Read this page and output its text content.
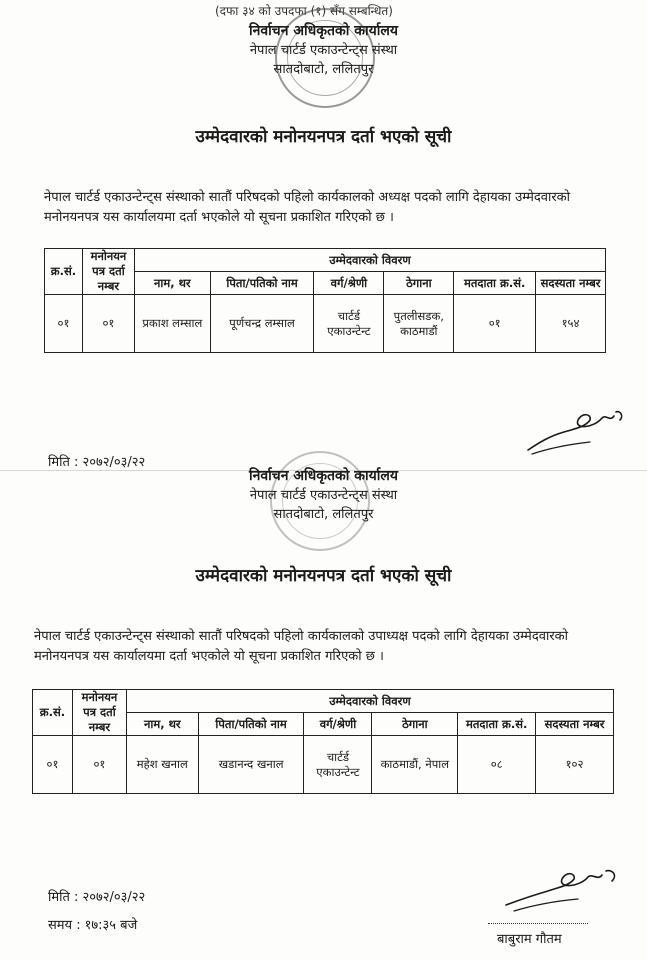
(दफा ३४ को उपदफा (१) सँग सम्बन्धित)
निर्वाचन अधिकृतको कार्यालय
नेपाल चार्टर्ड एकाउन्टेन्ट्स संस्था
सातदोबाटो, ललितपुर
उम्मेदवारको मनोनयनपत्र दर्ता भएको सूची
नेपाल चार्टर्ड एकाउन्टेन्ट्स संस्थाको सातौं परिषदको पहिलो कार्यकालको अध्यक्ष पदको लागि देहायका उम्मेदवारको मनोनयनपत्र यस कार्यालयमा दर्ता भएकोले यो सूचना प्रकाशित गरिएको छ ।
क्र.सं.	मनोनयन पत्र दर्ता नम्बर	उम्मेदवारको विवरण					
		नाम, थर	पिता/पतिको नाम	वर्ग/श्रेणी	ठेगाना	मतदाता क्र.सं.	सदस्यता नम्बर
०१	०१	प्रकाश लम्साल	पूर्णचन्द्र लम्साल	चार्टर्ड एकाउन्टेन्ट	पुतलीसडक, काठमाडौं	०१	१५४
मिति : २०७२/०३/२२
निर्वाचन अधिकृतको कार्यालय
नेपाल चार्टर्ड एकाउन्टेन्ट्स संस्था
सातदोबाटो, ललितपुर
उम्मेदवारको मनोनयनपत्र दर्ता भएको सूची
नेपाल चार्टर्ड एकाउन्टेन्ट्स संस्थाको सातौं परिषदको पहिलो कार्यकालको उपाध्यक्ष पदको लागि देहायका उम्मेदवारको मनोनयनपत्र यस कार्यालयमा दर्ता भएकोले यो सूचना प्रकाशित गरिएको छ ।
क्र.सं.	मनोनयन पत्र दर्ता नम्बर	उम्मेदवारको विवरण					
		नाम, थर	पिता/पतिको नाम	वर्ग/श्रेणी	ठेगाना	मतदाता क्र.सं.	सदस्यता नम्बर
०१	०१	महेश खनाल	खडानन्द खनाल	चार्टर्ड एकाउन्टेन्ट	काठमाडौं, नेपाल	०८	१०२
बाबुराम गौतम
मिति : २०७२/०३/२२
समय : १७:३५ बजे
